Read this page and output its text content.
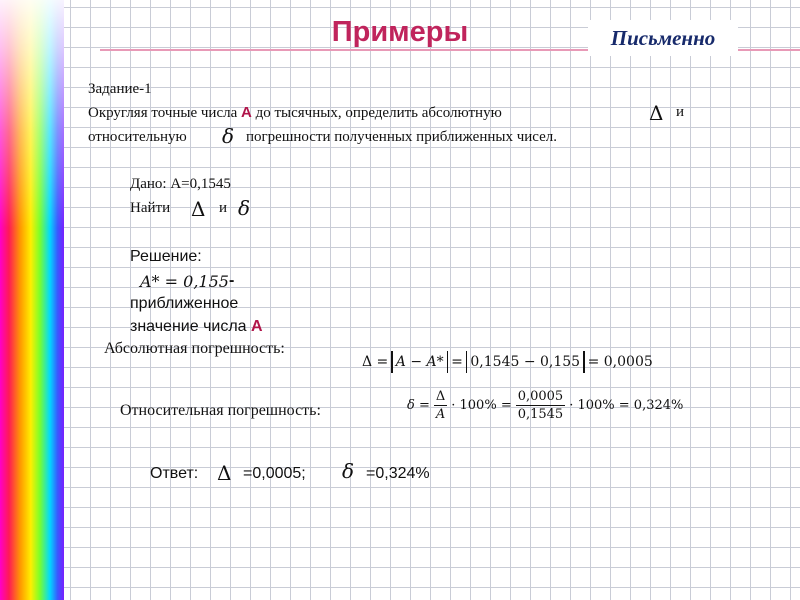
Примеры	Письменно
Задание-1
Округляя точные числа А до тысячных, определить абсолютную	Δ и
относительную δ погрешности полученных приближенных чисел.
Дано: А=0,1545
Найти Δ и δ
Решение:
A* = 0,155 -
приближенное
значение числа А
Абсолютная погрешность:
Δ = A − A* = 0,1545 − 0,155 = 0,0005
Относительная погрешность:	$\delta = \frac{\Delta}{A} \cdot 100\% = \frac{0,0005}{0,1545} \cdot 100\% = 0,324\%$
Ответ: Δ =0,0005; δ =0,324%
